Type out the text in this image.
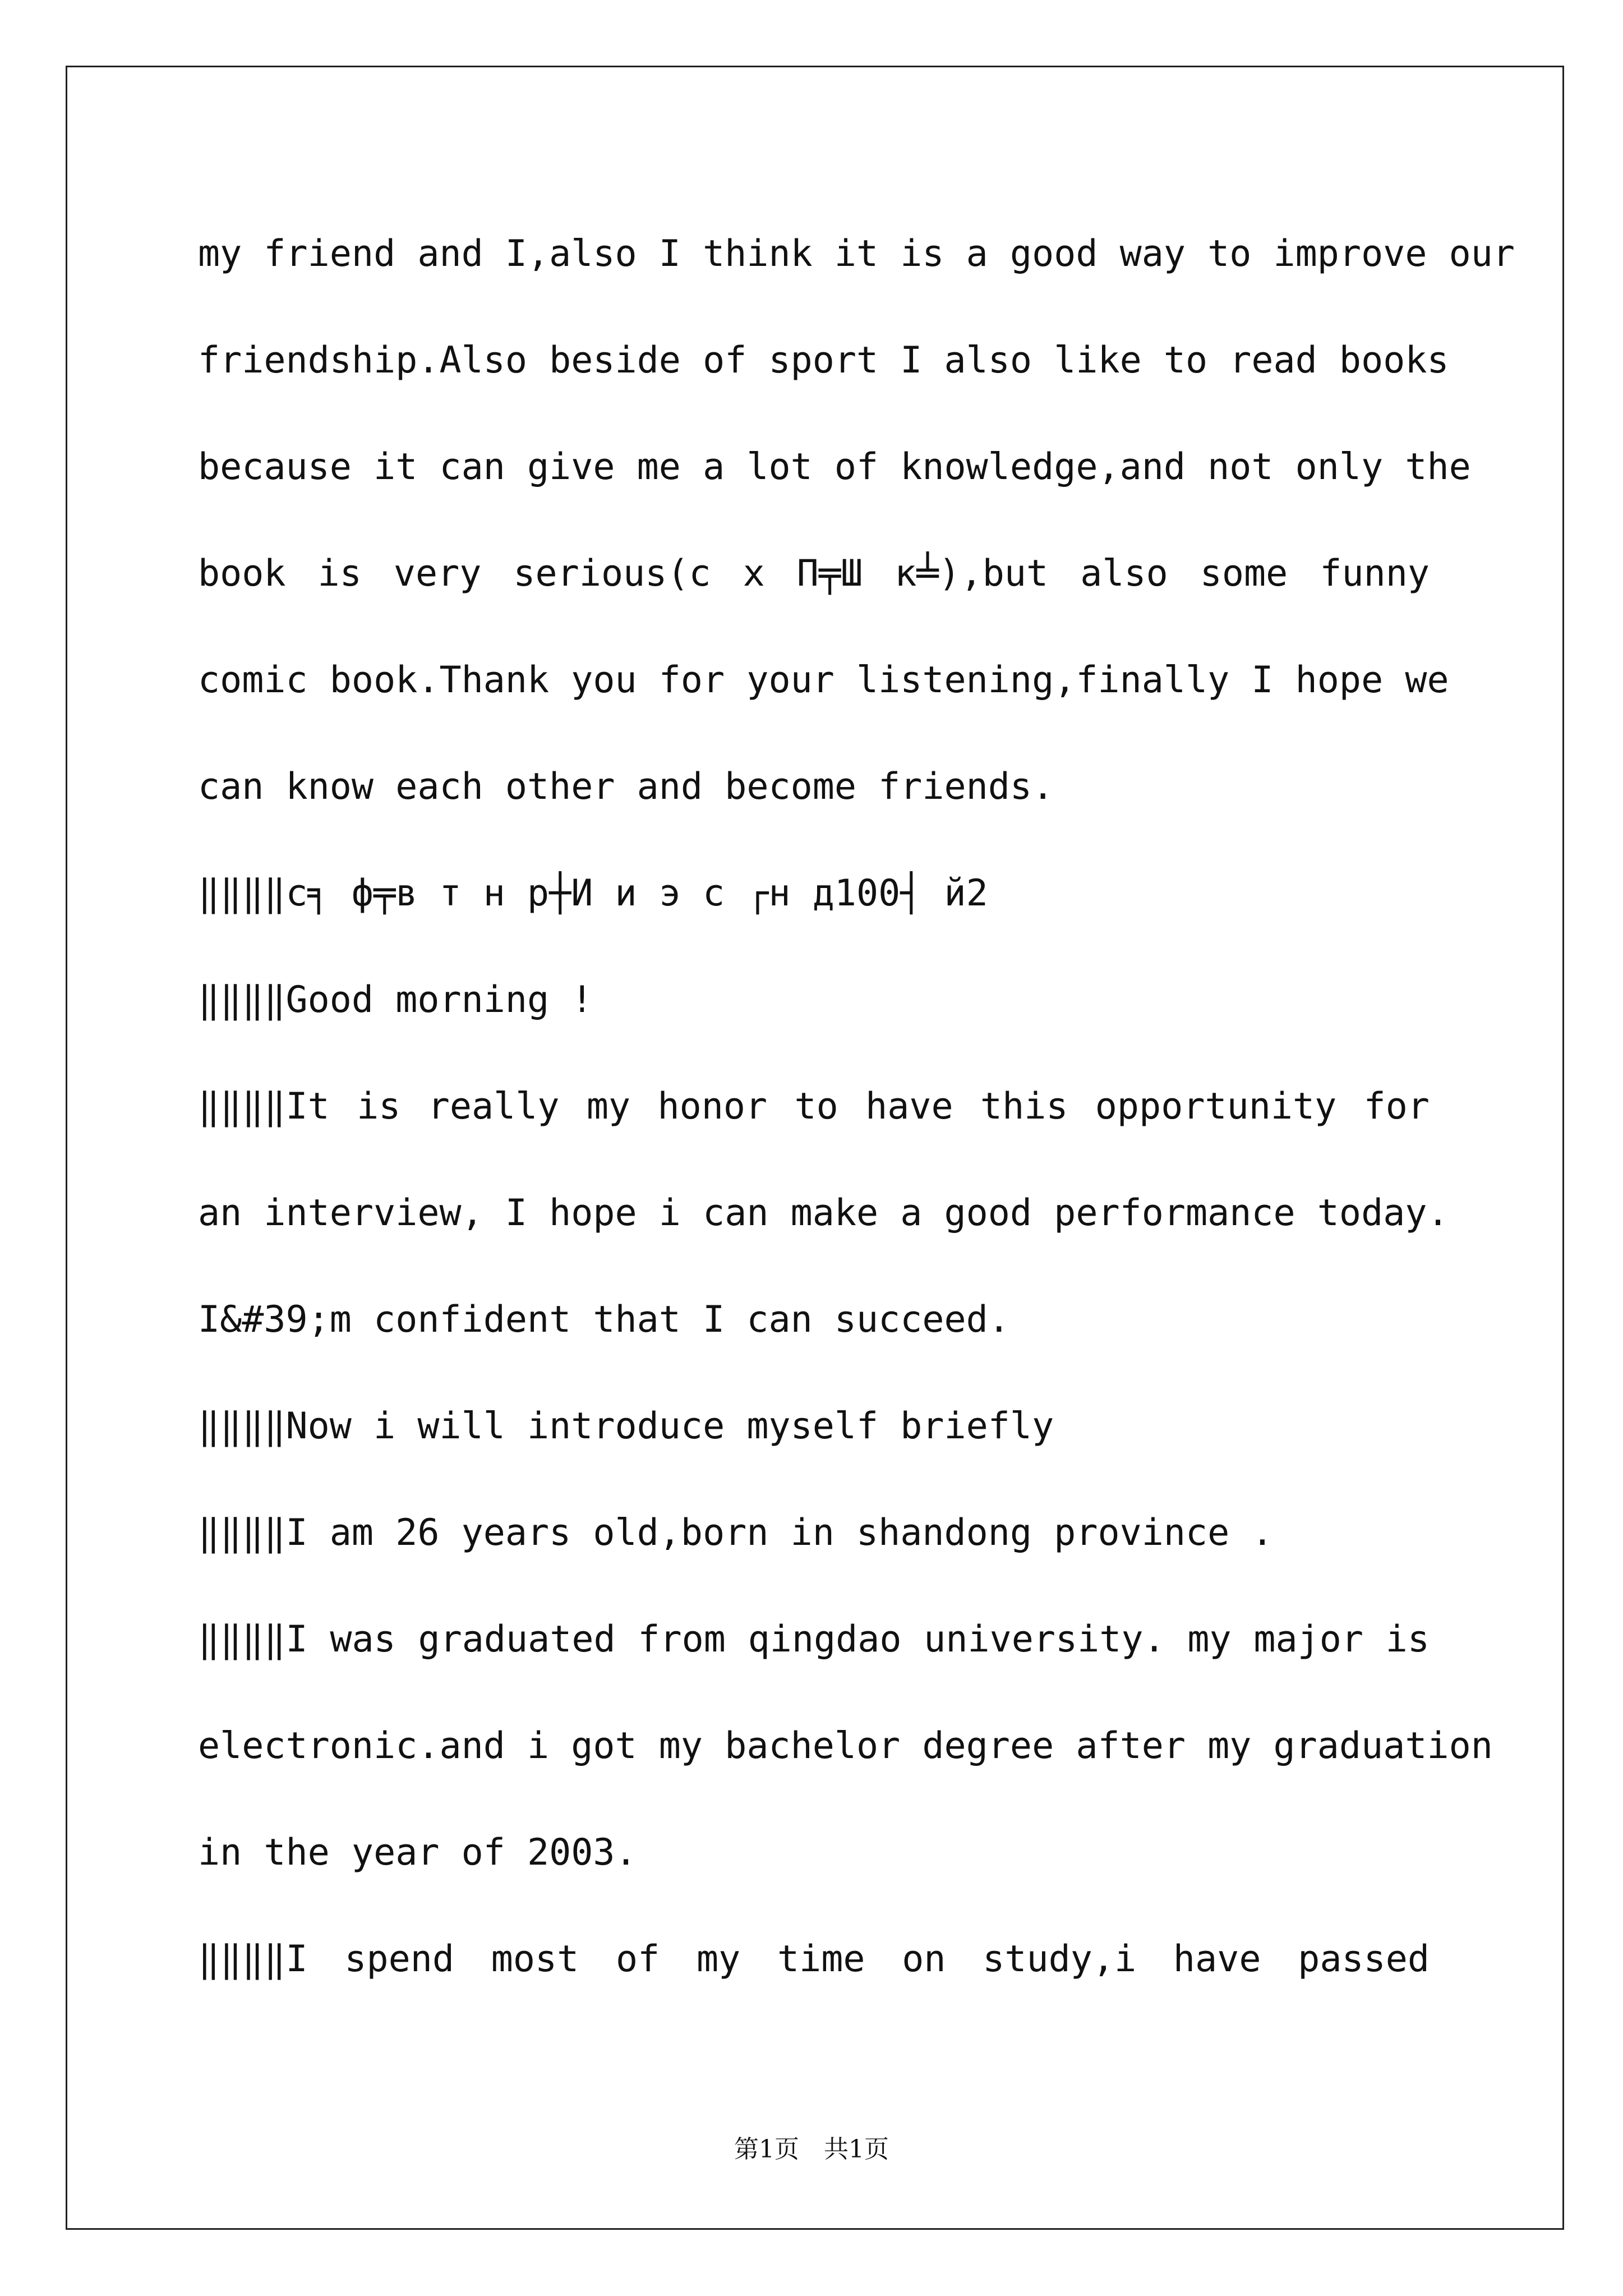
my friend and I,also I think it is a good way to improve our
friendship.Also beside of sport I also like to read books
because it can give me a lot of knowledge,and not only the
book is very serious(c х П╤Ш к╧),but also some funny
comic book.Thank you for your listening,finally I hope we
can know each other and become friends.
‖‖‖‖с╕ ф╤в т н р┼И и э с ┌н д100┤ й2
‖‖‖‖Good morning !
‖‖‖‖It is really my honor to have this opportunity for
an interview, I hope i can make a good performance today.
I&#39;m confident that I can succeed.
‖‖‖‖Now i will introduce myself briefly
‖‖‖‖I am 26 years old,born in shandong province .
‖‖‖‖I was graduated from qingdao university. my major is
electronic.and i got my bachelor degree after my graduation
in the year of 2003.
‖‖‖‖I spend most of my time on study,i have passed
第1页　共1页
